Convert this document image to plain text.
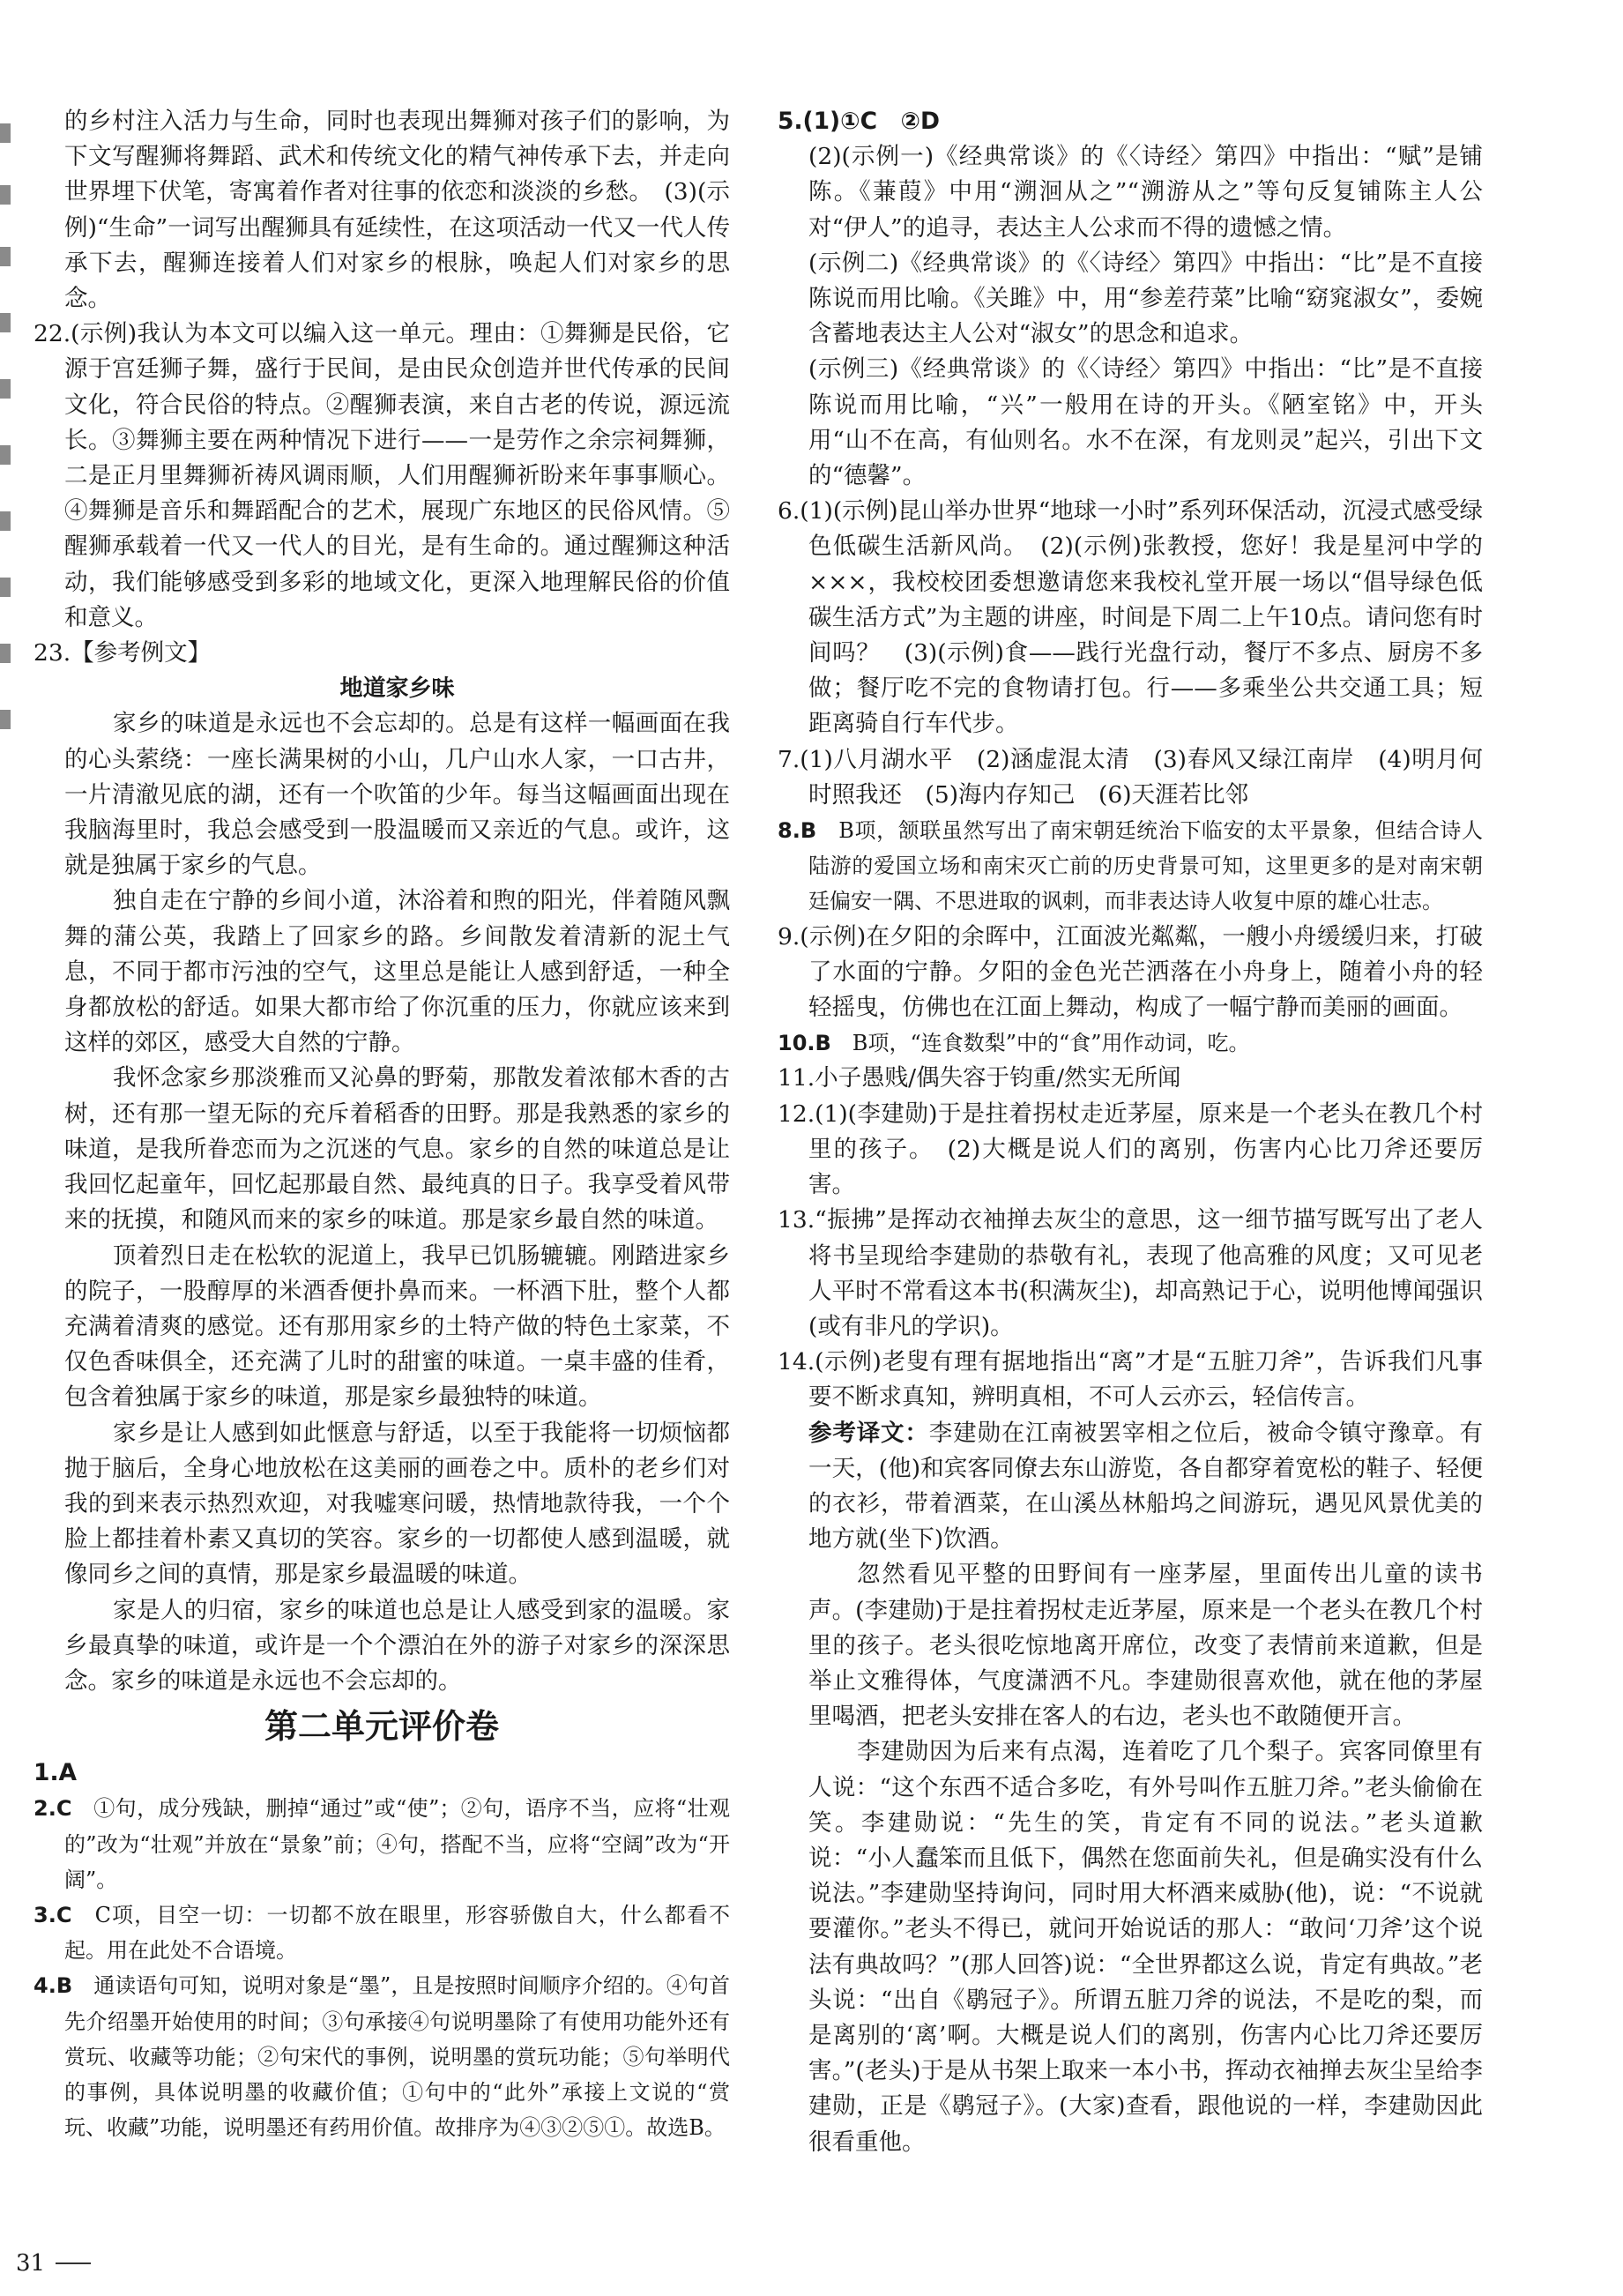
的乡村注入活力与生命，同时也表现出舞狮对孩子们的影响，为下文写醒狮将舞蹈、武术和传统文化的精气神传承下去，并走向世界埋下伏笔，寄寓着作者对往事的依恋和淡淡的乡愁。　(3)(示例)“生命”一词写出醒狮具有延续性，在这项活动一代又一代人传承下去，醒狮连接着人们对家乡的根脉，唤起人们对家乡的思念。

22.(示例)我认为本文可以编入这一单元。理由：①舞狮是民俗，它源于宫廷狮子舞，盛行于民间，是由民众创造并世代传承的民间文化，符合民俗的特点。②醒狮表演，来自古老的传说，源远流长。③舞狮主要在两种情况下进行——一是劳作之余宗祠舞狮，二是正月里舞狮祈祷风调雨顺，人们用醒狮祈盼来年事事顺心。④舞狮是音乐和舞蹈配合的艺术，展现广东地区的民俗风情。⑤醒狮承载着一代又一代人的目光，是有生命的。通过醒狮这种活动，我们能够感受到多彩的地域文化，更深入地理解民俗的价值和意义。

23.【参考例文】

地道家乡味

家乡的味道是永远也不会忘却的。总是有这样一幅画面在我的心头萦绕：一座长满果树的小山，几户山水人家，一口古井，一片清澈见底的湖，还有一个吹笛的少年。每当这幅画面出现在我脑海里时，我总会感受到一股温暖而又亲近的气息。或许，这就是独属于家乡的气息。

独自走在宁静的乡间小道，沐浴着和煦的阳光，伴着随风飘舞的蒲公英，我踏上了回家乡的路。乡间散发着清新的泥土气息，不同于都市污浊的空气，这里总是能让人感到舒适，一种全身都放松的舒适。如果大都市给了你沉重的压力，你就应该来到这样的郊区，感受大自然的宁静。

我怀念家乡那淡雅而又沁鼻的野菊，那散发着浓郁木香的古树，还有那一望无际的充斥着稻香的田野。那是我熟悉的家乡的味道，是我所眷恋而为之沉迷的气息。家乡的自然的味道总是让我回忆起童年，回忆起那最自然、最纯真的日子。我享受着风带来的抚摸，和随风而来的家乡的味道。那是家乡最自然的味道。

顶着烈日走在松软的泥道上，我早已饥肠辘辘。刚踏进家乡的院子，一股醇厚的米酒香便扑鼻而来。一杯酒下肚，整个人都充满着清爽的感觉。还有那用家乡的土特产做的特色土家菜，不仅色香味俱全，还充满了儿时的甜蜜的味道。一桌丰盛的佳肴，包含着独属于家乡的味道，那是家乡最独特的味道。

家乡是让人感到如此惬意与舒适，以至于我能将一切烦恼都抛于脑后，全身心地放松在这美丽的画卷之中。质朴的老乡们对我的到来表示热烈欢迎，对我嘘寒问暖，热情地款待我，一个个脸上都挂着朴素又真切的笑容。家乡的一切都使人感到温暖，就像同乡之间的真情，那是家乡最温暖的味道。

家是人的归宿，家乡的味道也总是让人感受到家的温暖。家乡最真挚的味道，或许是一个个漂泊在外的游子对家乡的深深思念。家乡的味道是永远也不会忘却的。

第二单元评价卷

1.A

2.C　①句，成分残缺，删掉“通过”或“使”；②句，语序不当，应将“壮观的”改为“壮观”并放在“景象”前；④句，搭配不当，应将“空阔”改为“开阔”。

3.C　C项，目空一切：一切都不放在眼里，形容骄傲自大，什么都看不起。用在此处不合语境。

4.B　通读语句可知，说明对象是“墨”，且是按照时间顺序介绍的。④句首先介绍墨开始使用的时间；③句承接④句说明墨除了有使用功能外还有赏玩、收藏等功能；②句宋代的事例，说明墨的赏玩功能；⑤句举明代的事例，具体说明墨的收藏价值；①句中的“此外”承接上文说的“赏玩、收藏”功能，说明墨还有药用价值。故排序为④③②⑤①。故选B。

5.(1)①C　②D

(2)(示例一)《经典常谈》的《〈诗经〉第四》中指出：“赋”是铺陈。《蒹葭》中用“溯洄从之”“溯游从之”等句反复铺陈主人公对“伊人”的追寻，表达主人公求而不得的遗憾之情。

(示例二)《经典常谈》的《〈诗经〉第四》中指出：“比”是不直接陈说而用比喻。《关雎》中，用“参差荇菜”比喻“窈窕淑女”，委婉含蓄地表达主人公对“淑女”的思念和追求。

(示例三)《经典常谈》的《〈诗经〉第四》中指出：“比”是不直接陈说而用比喻，“兴”一般用在诗的开头。《陋室铭》中，开头用“山不在高，有仙则名。水不在深，有龙则灵”起兴，引出下文的“德馨”。

6.(1)(示例)昆山举办世界“地球一小时”系列环保活动，沉浸式感受绿色低碳生活新风尚。　(2)(示例)张教授，您好！我是星河中学的×××，我校校团委想邀请您来我校礼堂开展一场以“倡导绿色低碳生活方式”为主题的讲座，时间是下周二上午10点。请问您有时间吗？　(3)(示例)食——践行光盘行动，餐厅不多点、厨房不多做；餐厅吃不完的食物请打包。行——多乘坐公共交通工具；短距离骑自行车代步。

7.(1)八月湖水平　(2)涵虚混太清　(3)春风又绿江南岸　(4)明月何时照我还　(5)海内存知己　(6)天涯若比邻

8.B　B项，颔联虽然写出了南宋朝廷统治下临安的太平景象，但结合诗人陆游的爱国立场和南宋灭亡前的历史背景可知，这里更多的是对南宋朝廷偏安一隅、不思进取的讽刺，而非表达诗人收复中原的雄心壮志。

9.(示例)在夕阳的余晖中，江面波光粼粼，一艘小舟缓缓归来，打破了水面的宁静。夕阳的金色光芒洒落在小舟身上，随着小舟的轻轻摇曳，仿佛也在江面上舞动，构成了一幅宁静而美丽的画面。

10.B　B项，“连食数梨”中的“食”用作动词，吃。

11.小子愚贱/偶失容于钧重/然实无所闻

12.(1)(李建勋)于是拄着拐杖走近茅屋，原来是一个老头在教几个村里的孩子。　(2)大概是说人们的离别，伤害内心比刀斧还要厉害。

13.“振拂”是挥动衣袖掸去灰尘的意思，这一细节描写既写出了老人将书呈现给李建勋的恭敬有礼，表现了他高雅的风度；又可见老人平时不常看这本书(积满灰尘)，却高熟记于心，说明他博闻强识(或有非凡的学识)。

14.(示例)老叟有理有据地指出“离”才是“五脏刀斧”，告诉我们凡事要不断求真知，辨明真相，不可人云亦云，轻信传言。

参考译文：李建勋在江南被罢宰相之位后，被命令镇守豫章。有一天，(他)和宾客同僚去东山游览，各自都穿着宽松的鞋子、轻便的衣衫，带着酒菜，在山溪丛林船坞之间游玩，遇见风景优美的地方就(坐下)饮酒。

忽然看见平整的田野间有一座茅屋，里面传出儿童的读书声。(李建勋)于是拄着拐杖走近茅屋，原来是一个老头在教几个村里的孩子。老头很吃惊地离开席位，改变了表情前来道歉，但是举止文雅得体，气度潇洒不凡。李建勋很喜欢他，就在他的茅屋里喝酒，把老头安排在客人的右边，老头也不敢随便开言。

李建勋因为后来有点渴，连着吃了几个梨子。宾客同僚里有人说：“这个东西不适合多吃，有外号叫作五脏刀斧。”老头偷偷在笑。李建勋说：“先生的笑，肯定有不同的说法。”老头道歉说：“小人蠢笨而且低下，偶然在您面前失礼，但是确实没有什么说法。”李建勋坚持询问，同时用大杯酒来威胁(他)，说：“不说就要灌你。”老头不得已，就问开始说话的那人：“敢问‘刀斧’这个说法有典故吗？”(那人回答)说：“全世界都这么说，肯定有典故。”老头说：“出自《鹖冠子》。所谓五脏刀斧的说法，不是吃的梨，而是离别的‘离’啊。大概是说人们的离别，伤害内心比刀斧还要厉害。”(老头)于是从书架上取来一本小书，挥动衣袖掸去灰尘呈给李建勋，正是《鹖冠子》。(大家)查看，跟他说的一样，李建勋因此很看重他。

31
